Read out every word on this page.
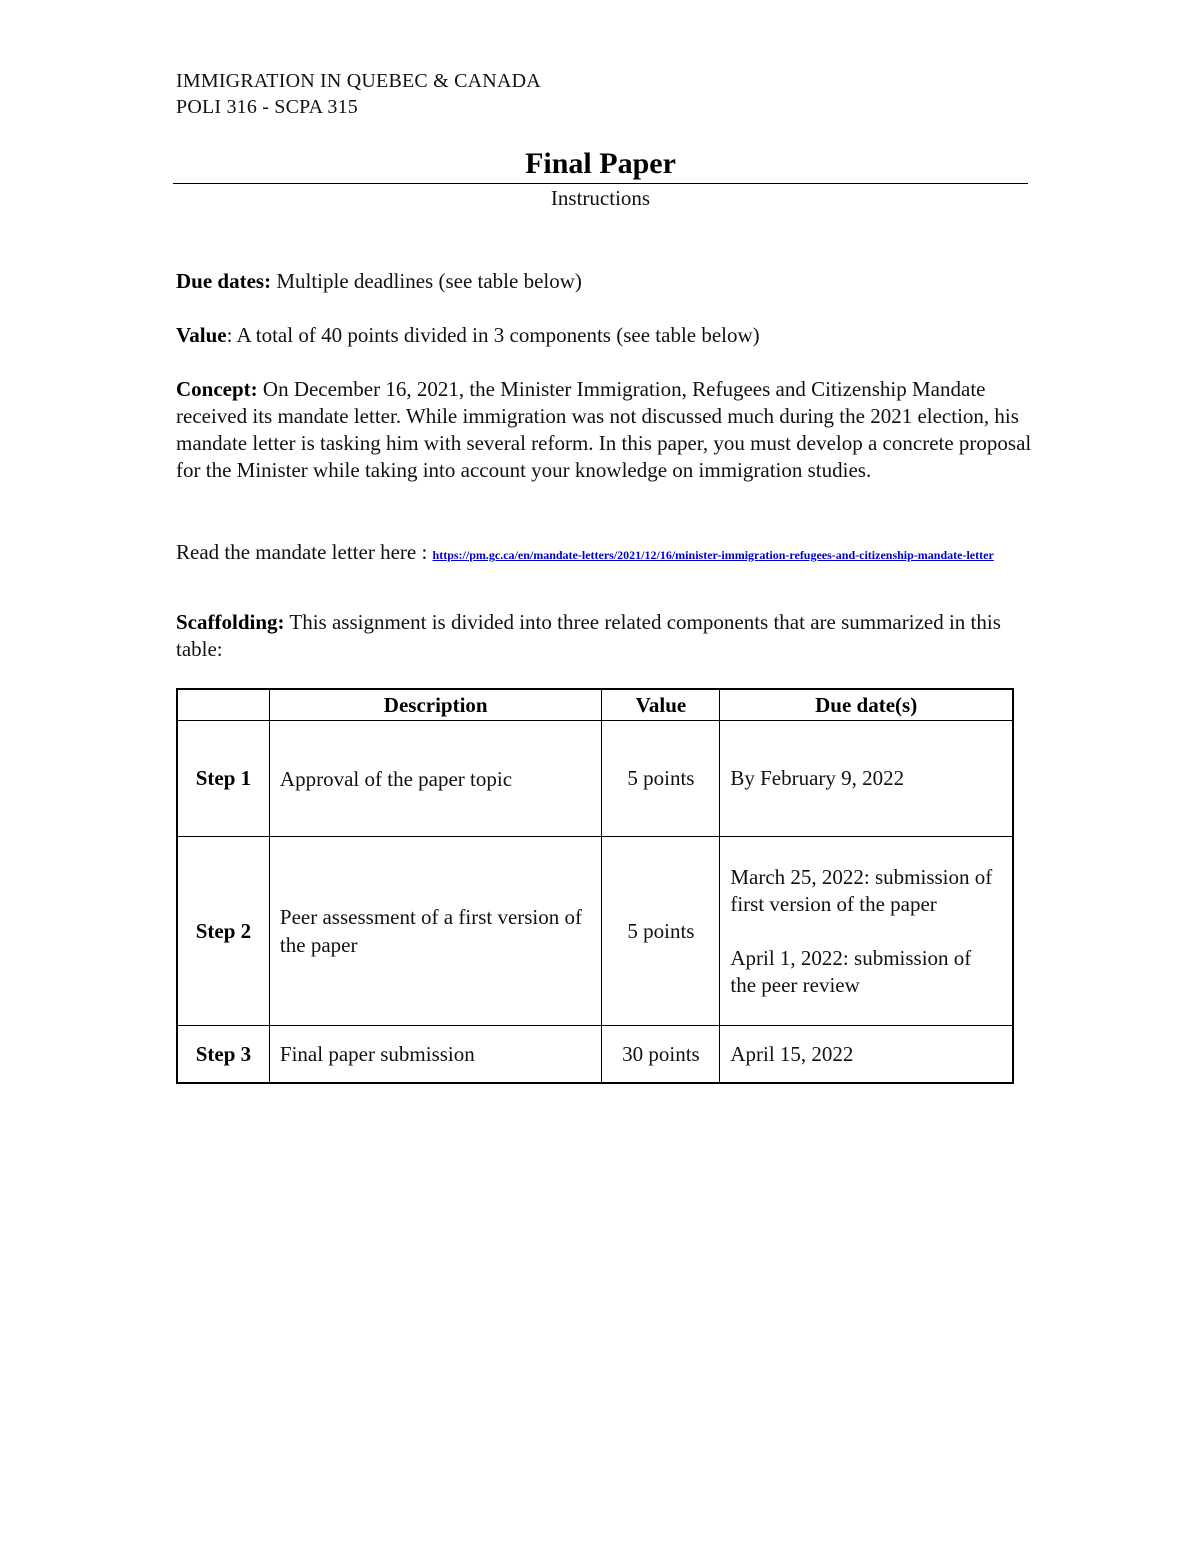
IMMIGRATION IN QUEBEC & CANADA
POLI 316 - SCPA 315
Final Paper
Instructions
Due dates: Multiple deadlines (see table below)
Value: A total of 40 points divided in 3 components (see table below)
Concept: On December 16, 2021, the Minister Immigration, Refugees and Citizenship Mandate received its mandate letter. While immigration was not discussed much during the 2021 election, his mandate letter is tasking him with several reform. In this paper, you must develop a concrete proposal for the Minister while taking into account your knowledge on immigration studies.
Read the mandate letter here : https://pm.gc.ca/en/mandate-letters/2021/12/16/minister-immigration-refugees-and-citizenship-mandate-letter
Scaffolding: This assignment is divided into three related components that are summarized in this table:
	Description	Value	Due date(s)
Step 1	Approval of the paper topic	5 points	By February 9, 2022

Step 2	Peer assessment of a first version of the paper	5 points	March 25, 2022: submission of first version of the paper

April 1, 2022: submission of the peer review

Step 3	Final paper submission	30 points	April 15, 2022
